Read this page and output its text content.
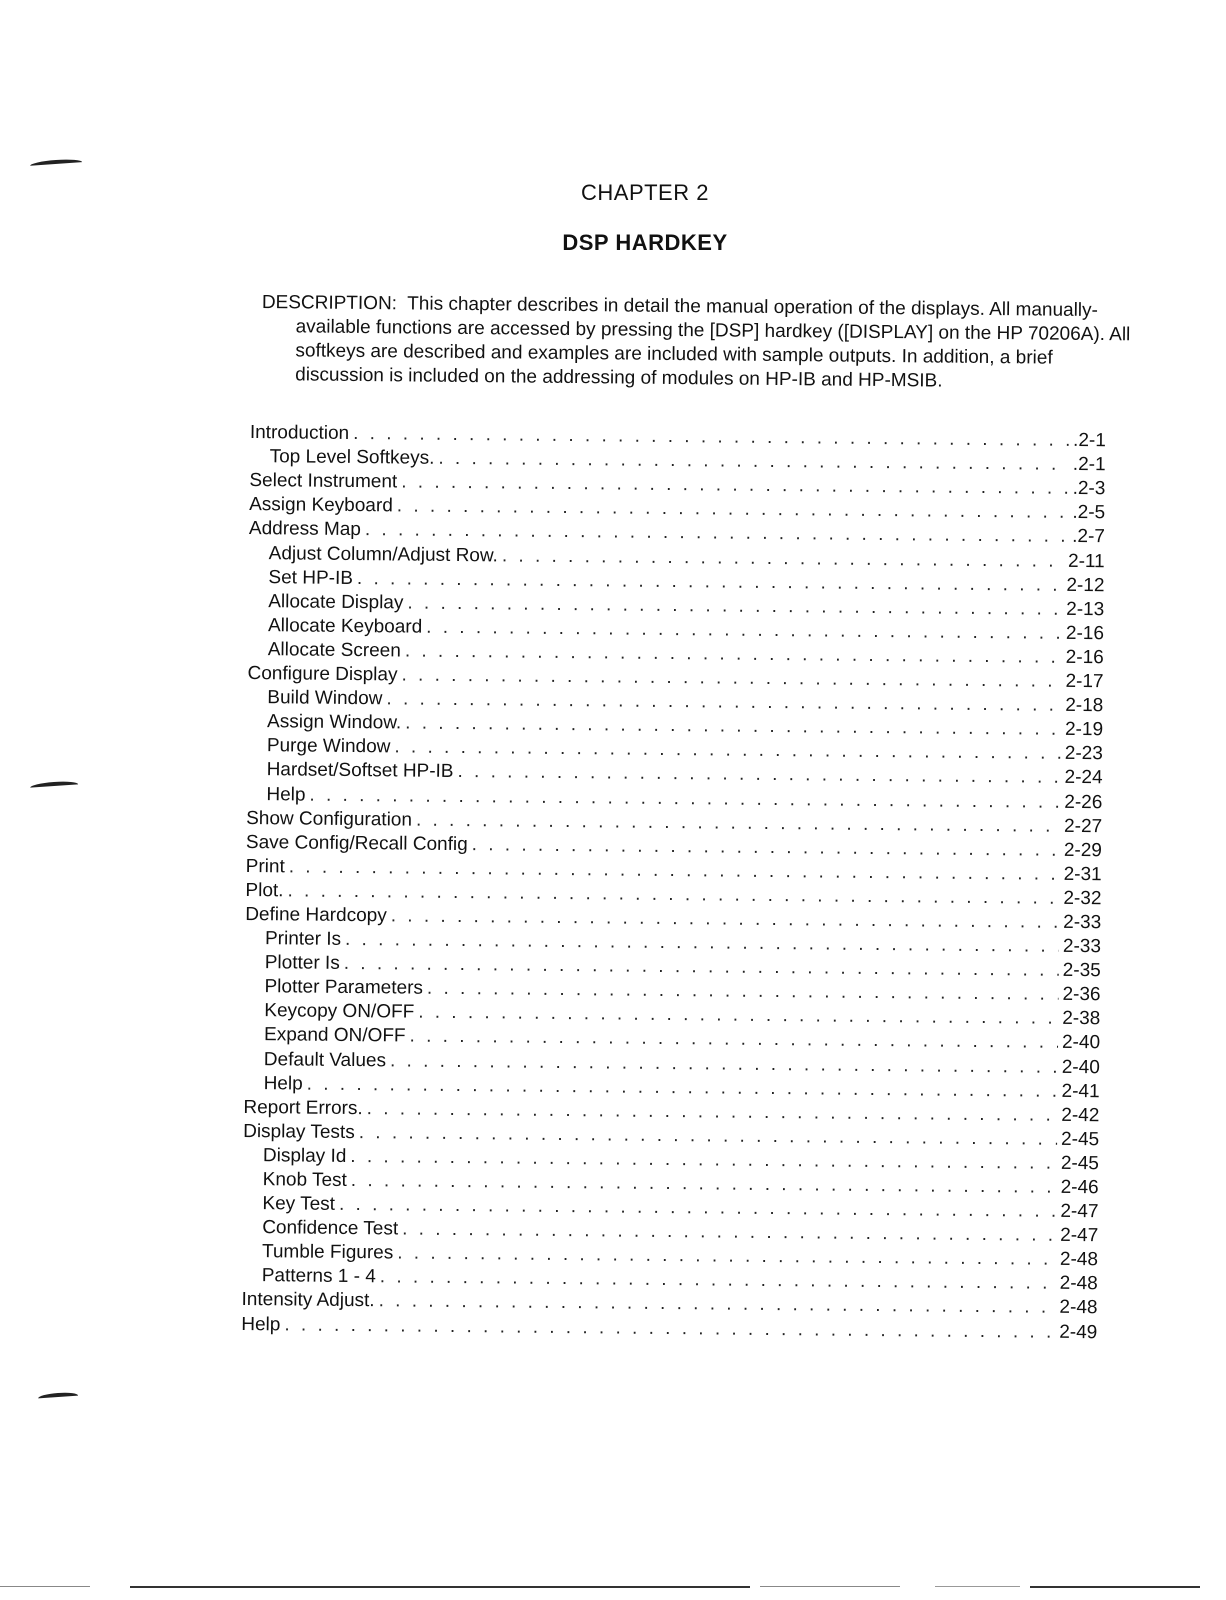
CHAPTER 2
DSP HARDKEY
DESCRIPTION: This chapter describes in detail the manual operation of the displays. All manually-available functions are accessed by pressing the [DSP] hardkey ([DISPLAY] on the HP 70206A). All softkeys are described and examples are included with sample outputs. In addition, a brief discussion is included on the addressing of modules on HP-IB and HP-MSIB.
Introduction . . .	.2-1
Top Level Softkeys. . . .	.2-1
Select Instrument . . .	.2-3
Assign Keyboard . . .	.2-5
Address Map . . .	.2-7
Adjust Column/Adjust Row. . . .	2-11
Set HP-IB . . .	2-12
Allocate Display . . .	2-13
Allocate Keyboard . . .	2-16
Allocate Screen . . .	2-16
Configure Display . . .	2-17
Build Window . . .	2-18
Assign Window. . . .	2-19
Purge Window . . .	2-23
Hardset/Softset HP-IB . . .	2-24
Help . . .	2-26
Show Configuration . . .	2-27
Save Config/Recall Config . . .	2-29
Print . . .	2-31
Plot. . . .	2-32
Define Hardcopy . . .	2-33
Printer Is . . .	2-33
Plotter Is . . .	2-35
Plotter Parameters . . .	2-36
Keycopy ON/OFF . . .	2-38
Expand ON/OFF . . .	2-40
Default Values . . .	2-40
Help . . .	2-41
Report Errors. . . .	2-42
Display Tests . . .	2-45
Display Id . . .	2-45
Knob Test . . .	2-46
Key Test . . .	2-47
Confidence Test . . .	2-47
Tumble Figures . . .	2-48
Patterns 1 - 4 . . .	2-48
Intensity Adjust. . . .	2-48
Help . . .	2-49
